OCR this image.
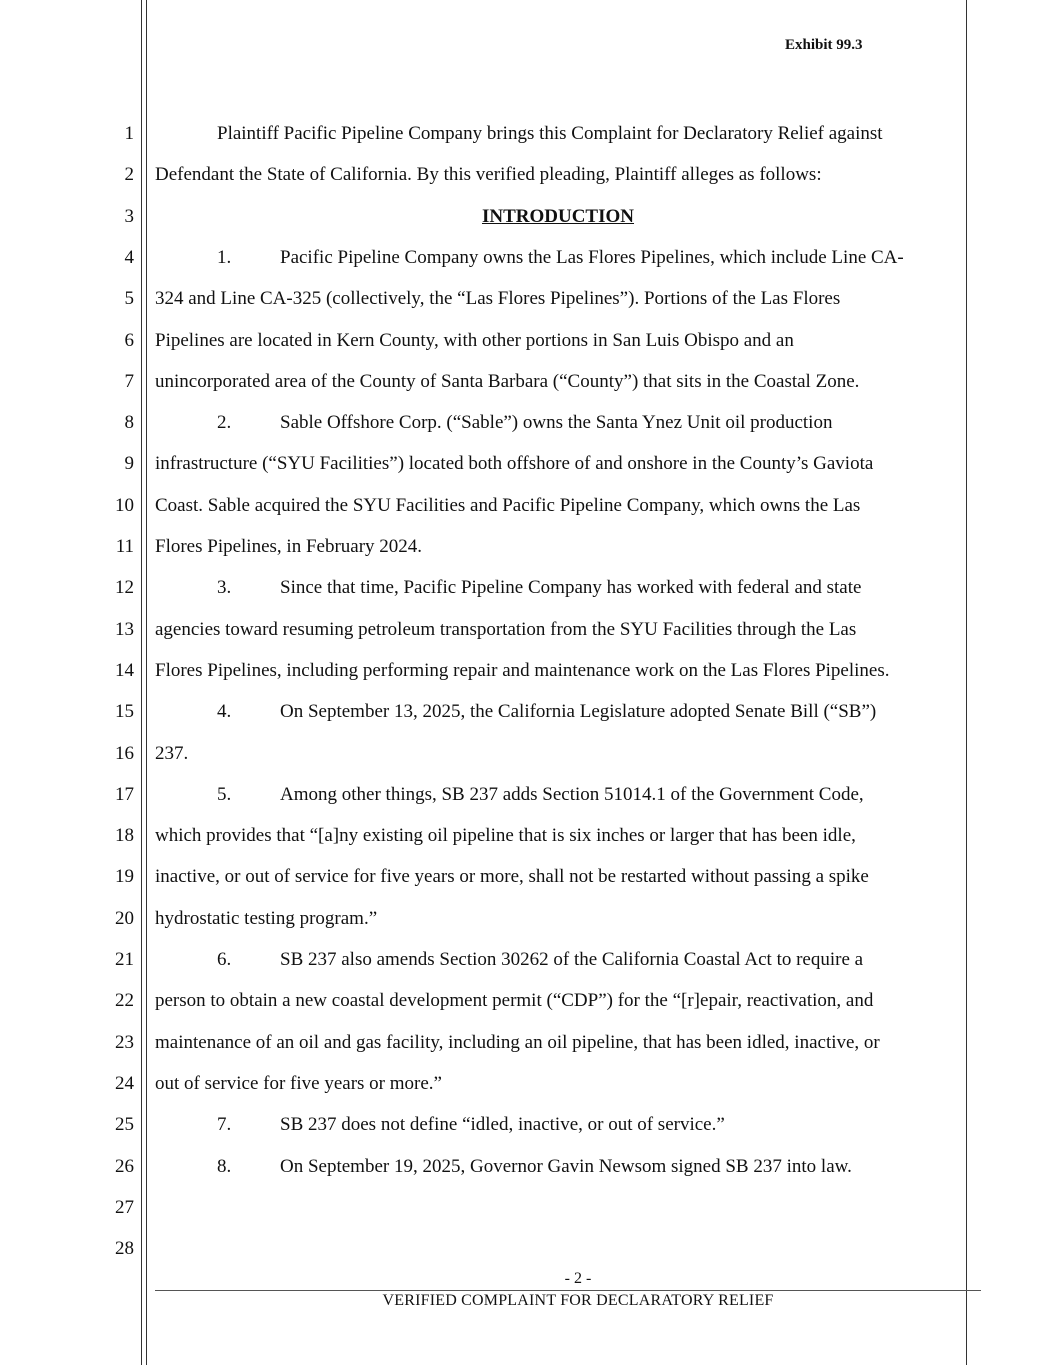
Exhibit 99.3
1
2
3
4
5
6
7
8
9
10
11
12
13
14
15
16
17
18
19
20
21
22
23
24
25
26
27
28
Plaintiff Pacific Pipeline Company brings this Complaint for Declaratory Relief against
Defendant the State of California. By this verified pleading, Plaintiff alleges as follows:
INTRODUCTION
1.	Pacific Pipeline Company owns the Las Flores Pipelines, which include Line CA-
324 and Line CA-325 (collectively, the “Las Flores Pipelines”). Portions of the Las Flores
Pipelines are located in Kern County, with other portions in San Luis Obispo and an
unincorporated area of the County of Santa Barbara (“County”) that sits in the Coastal Zone.
2.	Sable Offshore Corp. (“Sable”) owns the Santa Ynez Unit oil production
infrastructure (“SYU Facilities”) located both offshore of and onshore in the County’s Gaviota
Coast. Sable acquired the SYU Facilities and Pacific Pipeline Company, which owns the Las
Flores Pipelines, in February 2024.
3.	Since that time, Pacific Pipeline Company has worked with federal and state
agencies toward resuming petroleum transportation from the SYU Facilities through the Las
Flores Pipelines, including performing repair and maintenance work on the Las Flores Pipelines.
4.	On September 13, 2025, the California Legislature adopted Senate Bill (“SB”)
237.
5.	Among other things, SB 237 adds Section 51014.1 of the Government Code,
which provides that “[a]ny existing oil pipeline that is six inches or larger that has been idle,
inactive, or out of service for five years or more, shall not be restarted without passing a spike
hydrostatic testing program.”
6.	SB 237 also amends Section 30262 of the California Coastal Act to require a
person to obtain a new coastal development permit (“CDP”) for the “[r]epair, reactivation, and
maintenance of an oil and gas facility, including an oil pipeline, that has been idled, inactive, or
out of service for five years or more.”
7.	SB 237 does not define “idled, inactive, or out of service.”
8.	On September 19, 2025, Governor Gavin Newsom signed SB 237 into law.
- 2 -
VERIFIED COMPLAINT FOR DECLARATORY RELIEF
